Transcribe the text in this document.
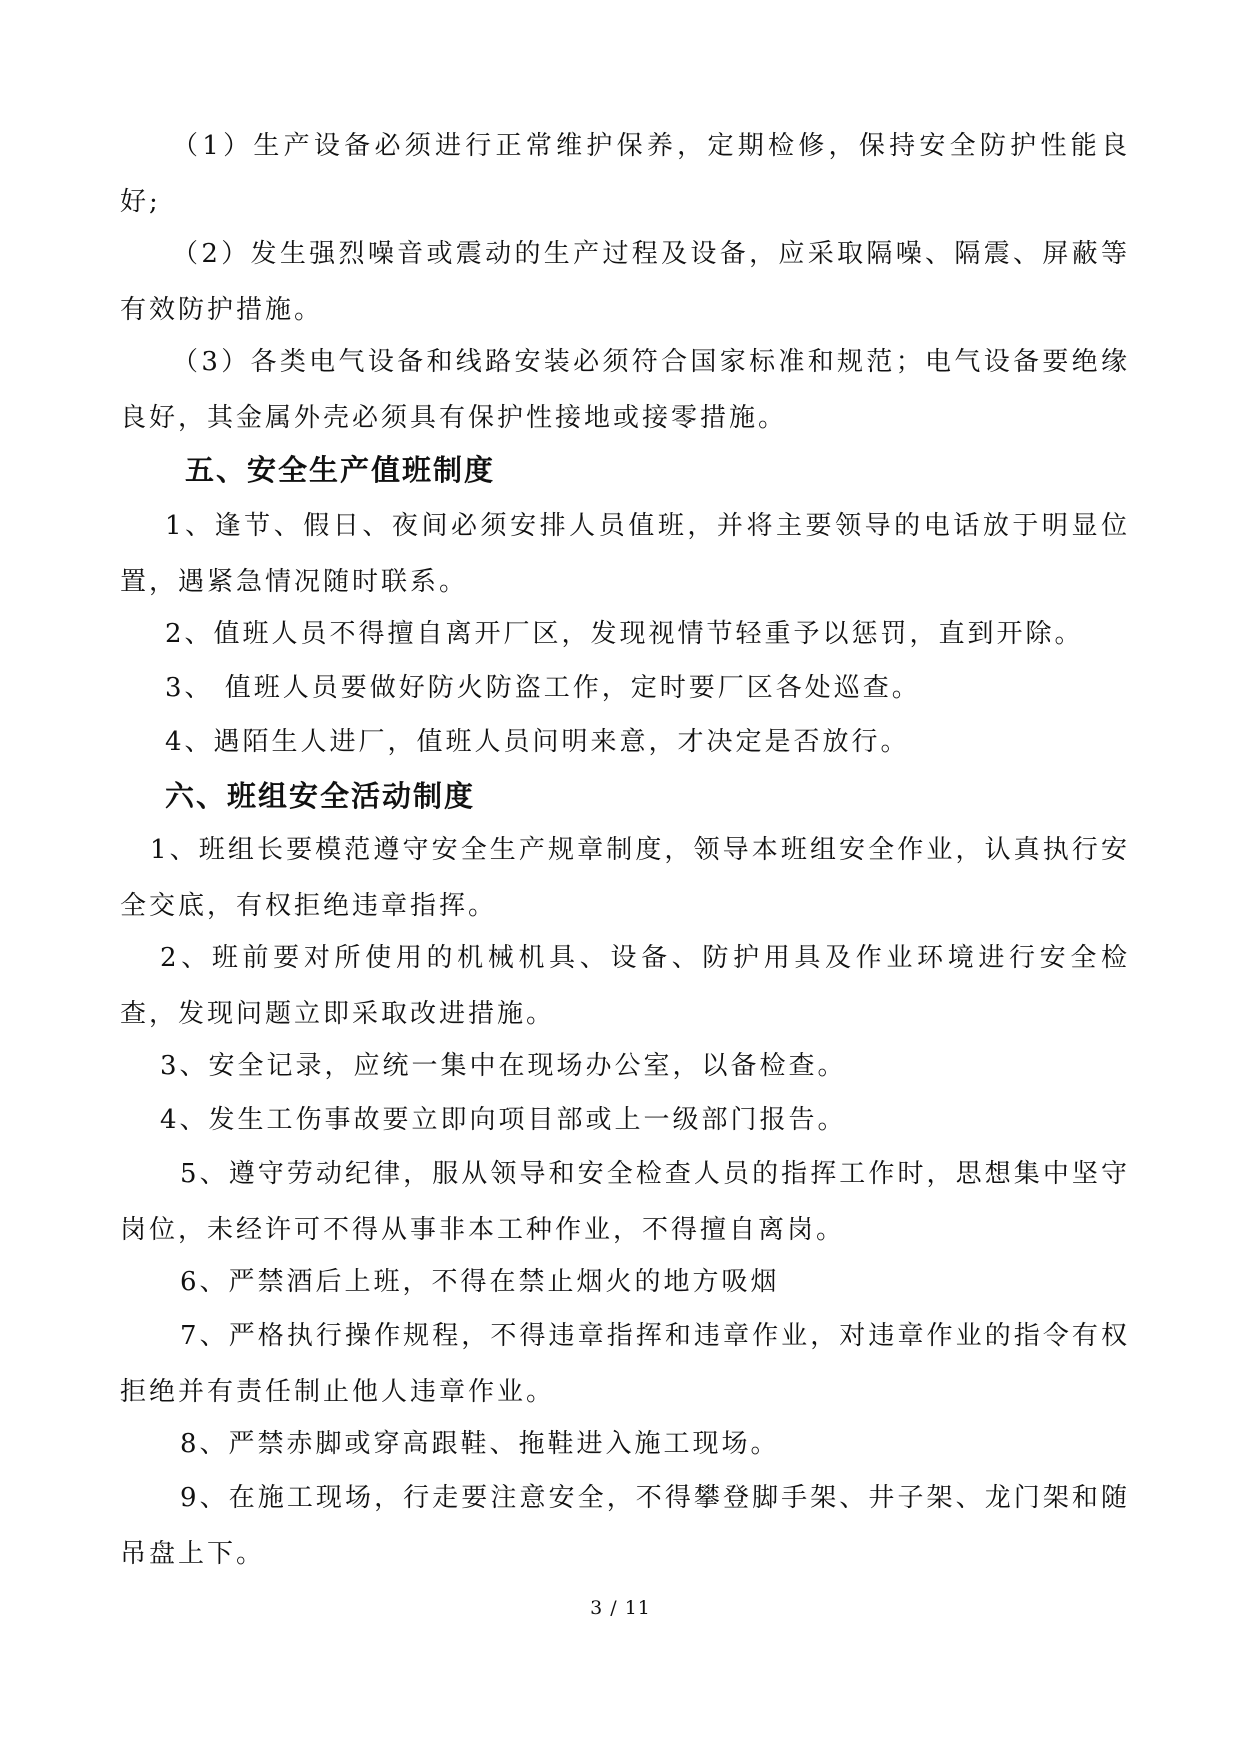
（1）生产设备必须进行正常维护保养，定期检修，保持安全防护性能良好;

（2）发生强烈噪音或震动的生产过程及设备，应采取隔噪、隔震、屏蔽等有效防护措施。

（3）各类电气设备和线路安装必须符合国家标准和规范；电气设备要绝缘良好，其金属外壳必须具有保护性接地或接零措施。

五、安全生产值班制度

1、逢节、假日、夜间必须安排人员值班，并将主要领导的电话放于明显位置，遇紧急情况随时联系。

2、值班人员不得擅自离开厂区，发现视情节轻重予以惩罚，直到开除。

3、 值班人员要做好防火防盗工作，定时要厂区各处巡查。

4、遇陌生人进厂，值班人员问明来意，才决定是否放行。

六、班组安全活动制度

1、班组长要模范遵守安全生产规章制度，领导本班组安全作业，认真执行安全交底，有权拒绝违章指挥。

2、班前要对所使用的机械机具、设备、防护用具及作业环境进行安全检查，发现问题立即采取改进措施。

3、安全记录，应统一集中在现场办公室，以备检查。

4、发生工伤事故要立即向项目部或上一级部门报告。

5、遵守劳动纪律，服从领导和安全检查人员的指挥工作时，思想集中坚守岗位，未经许可不得从事非本工种作业，不得擅自离岗。

6、严禁酒后上班，不得在禁止烟火的地方吸烟

7、严格执行操作规程，不得违章指挥和违章作业，对违章作业的指令有权拒绝并有责任制止他人违章作业。

8、严禁赤脚或穿高跟鞋、拖鞋进入施工现场。

9、在施工现场，行走要注意安全，不得攀登脚手架、井子架、龙门架和随吊盘上下。

3 / 11
